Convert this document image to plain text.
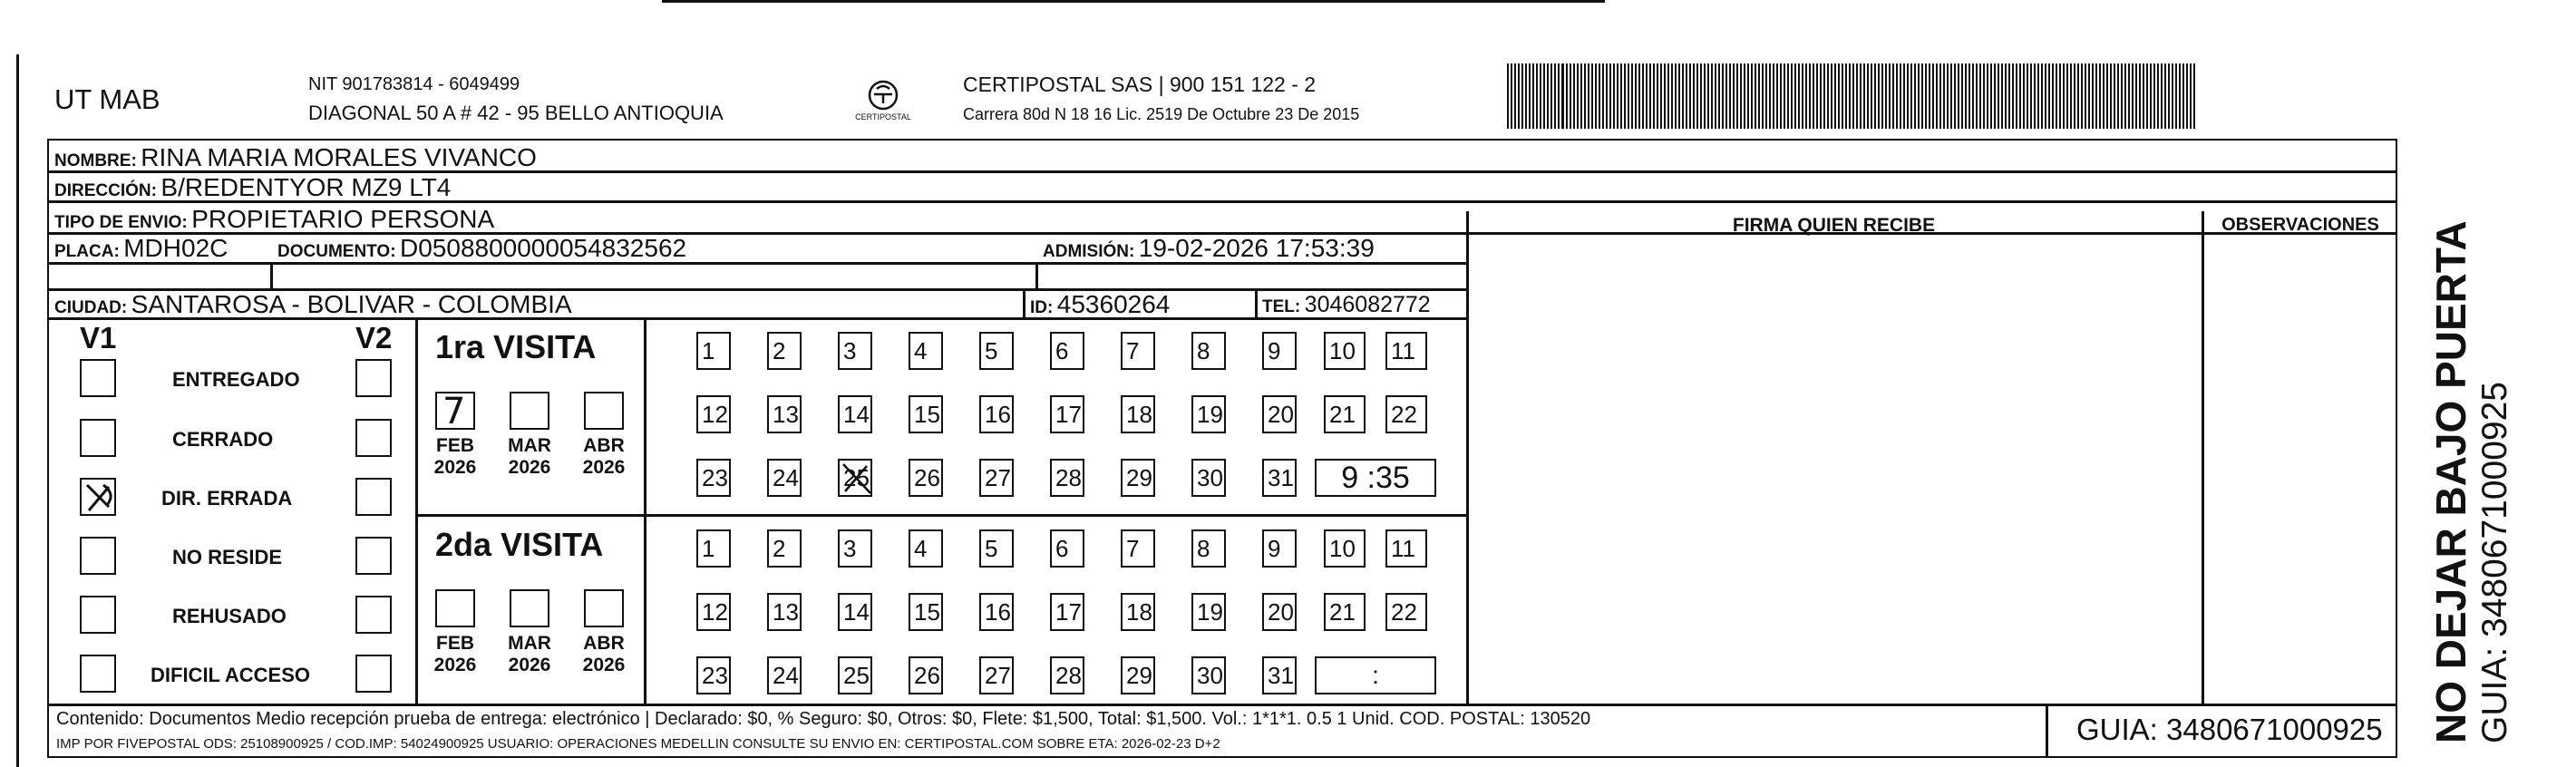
UT MAB	NIT 901783814 - 6049499
DIAGONAL 50 A # 42 - 95 BELLO ANTIOQUIA	CERTIPOSTAL
CERTIPOSTAL SAS | 900 151 122 - 2
Carrera 80d N 18 16 Lic. 2519 De Octubre 23 De 2015
NOMBRE: RINA MARIA MORALES VIVANCO
DIRECCIÓN: B/REDENTYOR MZ9 LT4
TIPO DE ENVIO: PROPIETARIO PERSONA
PLACA: MDH02C	DOCUMENTO: D0508800000054832562	ADMISIÓN: 19-02-2026 17:53:39
CIUDAD: SANTAROSA - BOLIVAR - COLOMBIA	ID: 45360264	TEL: 3046082772
FIRMA QUIEN RECIBE	OBSERVACIONES
V1	V2
ENTREGADO
CERRADO
DIR. ERRADA
NO RESIDE
REHUSADO
DIFICIL ACCESO
1ra VISITA
7
FEB
2026
MAR
2026
ABR
2026
1	2	3	4	5	6	7	8	9	10	11
12 13 14 15 16 17 18 19 20 21	22
23 24 25 26 27 28 29 30 31	9 :35
2da VISITA
FEB
2026
MAR
2026
ABR
2026
1	2	3	4	5	6	7	8	9	10	11
12 13 14 15 16 17 18 19 20 21	22
23 24 25 26 27 28 29 30 31	:
Contenido: Documentos Medio recepción prueba de entrega: electrónico | Declarado: $0, % Seguro: $0, Otros: $0, Flete: $1,500, Total: $1,500. Vol.: 1*1*1. 0.5 1 Unid. COD. POSTAL: 130520
IMP POR FIVEPOSTAL ODS: 25108900925 / COD.IMP: 54024900925 USUARIO: OPERACIONES MEDELLIN CONSULTE SU ENVIO EN: CERTIPOSTAL.COM SOBRE ETA: 2026-02-23 D+2	GUIA: 3480671000925 NO DEJAR BAJO PUERTA GUIA: 3480671000925
